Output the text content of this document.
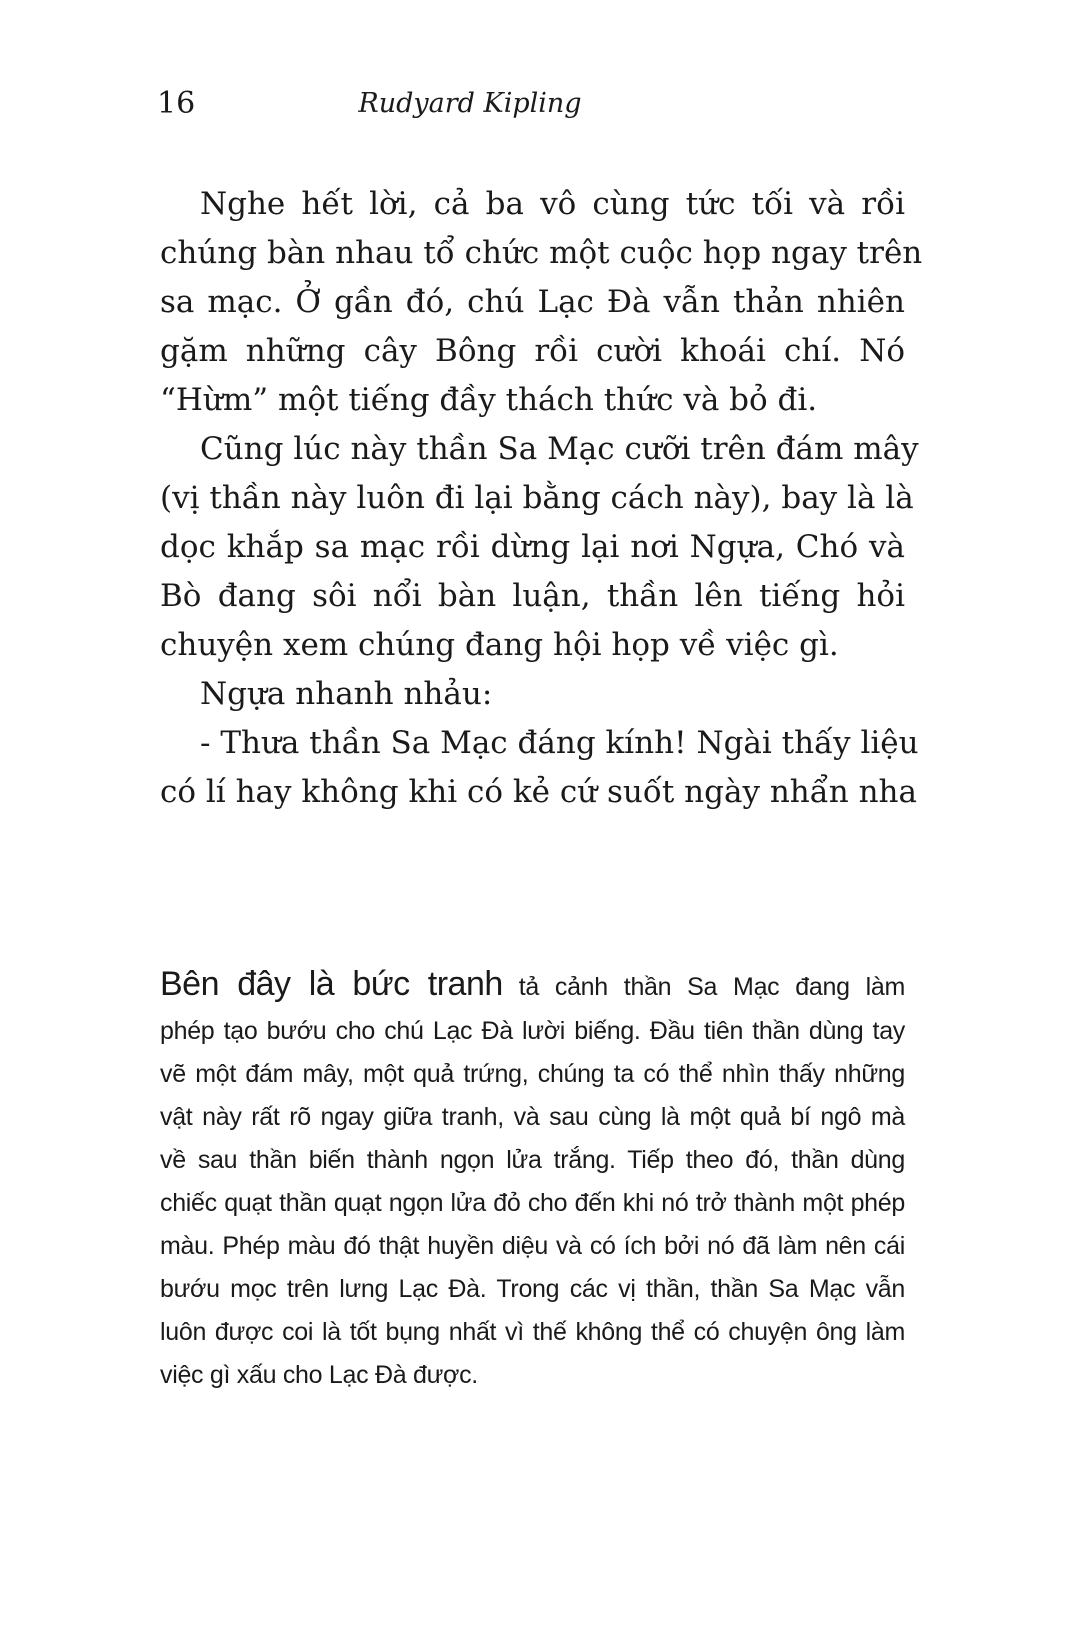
16	Rudyard Kipling
Nghe hết lời, cả ba vô cùng tức tối và rồi
chúng bàn nhau tổ chức một cuộc họp ngay trên
sa mạc. Ở gần đó, chú Lạc Đà vẫn thản nhiên
gặm những cây Bông rồi cười khoái chí. Nó
“Hừm” một tiếng đầy thách thức và bỏ đi.
Cũng lúc này thần Sa Mạc cưỡi trên đám mây
(vị thần này luôn đi lại bằng cách này), bay là là
dọc khắp sa mạc rồi dừng lại nơi Ngựa, Chó và
Bò đang sôi nổi bàn luận, thần lên tiếng hỏi
chuyện xem chúng đang hội họp về việc gì.
Ngựa nhanh nhảu:
- Thưa thần Sa Mạc đáng kính! Ngài thấy liệu
có lí hay không khi có kẻ cứ suốt ngày nhẩn nha
Bên đây là bức tranh tả cảnh thần Sa Mạc đang làm
phép tạo bướu cho chú Lạc Đà lười biếng. Đầu tiên thần dùng tay
vẽ một đám mây, một quả trứng, chúng ta có thể nhìn thấy những
vật này rất rõ ngay giữa tranh, và sau cùng là một quả bí ngô mà
về sau thần biến thành ngọn lửa trắng. Tiếp theo đó, thần dùng
chiếc quạt thần quạt ngọn lửa đỏ cho đến khi nó trở thành một phép
màu. Phép màu đó thật huyền diệu và có ích bởi nó đã làm nên cái
bướu mọc trên lưng Lạc Đà. Trong các vị thần, thần Sa Mạc vẫn
luôn được coi là tốt bụng nhất vì thế không thể có chuyện ông làm
việc gì xấu cho Lạc Đà được.
